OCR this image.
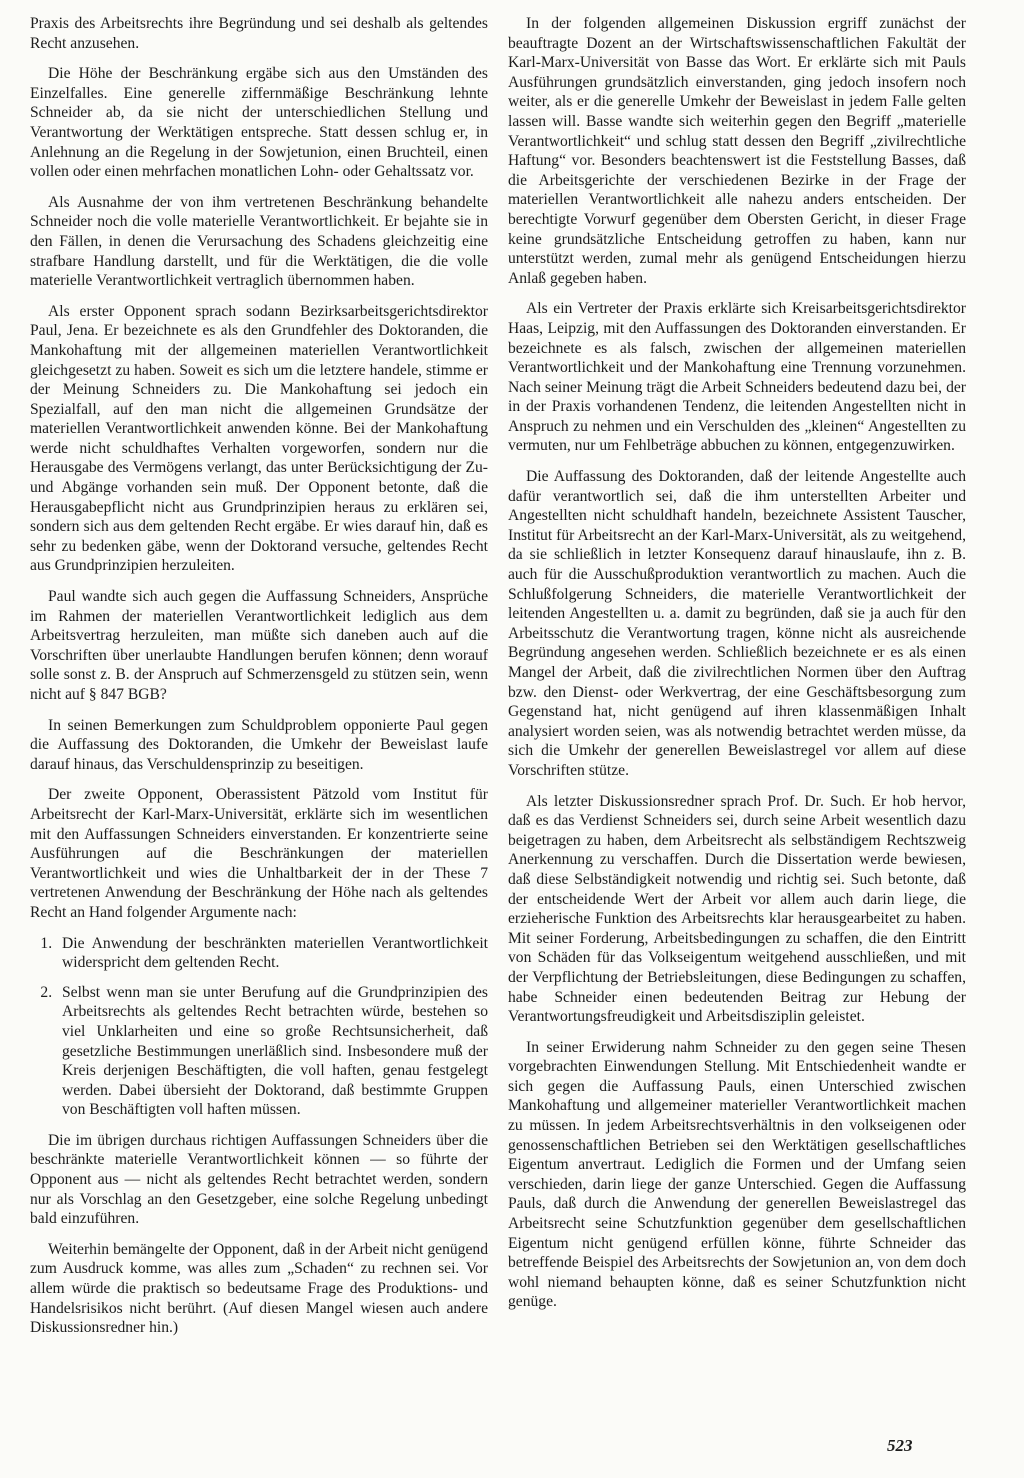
Praxis des Arbeitsrechts ihre Begründung und sei deshalb als geltendes Recht anzusehen.

Die Höhe der Beschränkung ergäbe sich aus den Umständen des Einzelfalles. Eine generelle ziffernmäßige Beschränkung lehnte Schneider ab, da sie nicht der unterschiedlichen Stellung und Verantwortung der Werktätigen entspreche. Statt dessen schlug er, in Anlehnung an die Regelung in der Sowjetunion, einen Bruchteil, einen vollen oder einen mehrfachen monatlichen Lohn- oder Gehaltssatz vor.

Als Ausnahme der von ihm vertretenen Beschränkung behandelte Schneider noch die volle materielle Verantwortlichkeit. Er bejahte sie in den Fällen, in denen die Verursachung des Schadens gleichzeitig eine strafbare Handlung darstellt, und für die Werktätigen, die die volle materielle Verantwortlichkeit vertraglich übernommen haben.

Als erster Opponent sprach sodann Bezirksarbeitsgerichtsdirektor Paul, Jena. Er bezeichnete es als den Grundfehler des Doktoranden, die Mankohaftung mit der allgemeinen materiellen Verantwortlichkeit gleichgesetzt zu haben. Soweit es sich um die letztere handele, stimme er der Meinung Schneiders zu. Die Mankohaftung sei jedoch ein Spezialfall, auf den man nicht die allgemeinen Grundsätze der materiellen Verantwortlichkeit anwenden könne. Bei der Mankohaftung werde nicht schuldhaftes Verhalten vorgeworfen, sondern nur die Herausgabe des Vermögens verlangt, das unter Berücksichtigung der Zu- und Abgänge vorhanden sein muß. Der Opponent betonte, daß die Herausgabepflicht nicht aus Grundprinzipien heraus zu erklären sei, sondern sich aus dem geltenden Recht ergäbe. Er wies darauf hin, daß es sehr zu bedenken gäbe, wenn der Doktorand versuche, geltendes Recht aus Grundprinzipien herzuleiten.

Paul wandte sich auch gegen die Auffassung Schneiders, Ansprüche im Rahmen der materiellen Verantwortlichkeit lediglich aus dem Arbeitsvertrag herzuleiten, man müßte sich daneben auch auf die Vorschriften über unerlaubte Handlungen berufen können; denn worauf solle sonst z. B. der Anspruch auf Schmerzensgeld zu stützen sein, wenn nicht auf § 847 BGB?

In seinen Bemerkungen zum Schuldproblem opponierte Paul gegen die Auffassung des Doktoranden, die Umkehr der Beweislast laufe darauf hinaus, das Verschuldensprinzip zu beseitigen.

Der zweite Opponent, Oberassistent Pätzold vom Institut für Arbeitsrecht der Karl-Marx-Universität, erklärte sich im wesentlichen mit den Auffassungen Schneiders einverstanden. Er konzentrierte seine Ausführungen auf die Beschränkungen der materiellen Verantwortlichkeit und wies die Unhaltbarkeit der in der These 7 vertretenen Anwendung der Beschränkung der Höhe nach als geltendes Recht an Hand folgender Argumente nach:

1. Die Anwendung der beschränkten materiellen Verantwortlichkeit widerspricht dem geltenden Recht.
2. Selbst wenn man sie unter Berufung auf die Grundprinzipien des Arbeitsrechts als geltendes Recht betrachten würde, bestehen so viel Unklarheiten und eine so große Rechtsunsicherheit, daß gesetzliche Bestimmungen unerläßlich sind. Insbesondere muß der Kreis derjenigen Beschäftigten, die voll haften, genau festgelegt werden. Dabei übersieht der Doktorand, daß bestimmte Gruppen von Beschäftigten voll haften müssen.

Die im übrigen durchaus richtigen Auffassungen Schneiders über die beschränkte materielle Verantwortlichkeit können — so führte der Opponent aus — nicht als geltendes Recht betrachtet werden, sondern nur als Vorschlag an den Gesetzgeber, eine solche Regelung unbedingt bald einzuführen.

Weiterhin bemängelte der Opponent, daß in der Arbeit nicht genügend zum Ausdruck komme, was alles zum „Schaden“ zu rechnen sei. Vor allem würde die praktisch so bedeutsame Frage des Produktions- und Handelsrisikos nicht berührt. (Auf diesen Mangel wiesen auch andere Diskussionsredner hin.)

In der folgenden allgemeinen Diskussion ergriff zunächst der beauftragte Dozent an der Wirtschaftswissenschaftlichen Fakultät der Karl-Marx-Universität von Basse das Wort. Er erklärte sich mit Pauls Ausführungen grundsätzlich einverstanden, ging jedoch insofern noch weiter, als er die generelle Umkehr der Beweislast in jedem Falle gelten lassen will. Basse wandte sich weiterhin gegen den Begriff „materielle Verantwortlichkeit“ und schlug statt dessen den Begriff „zivilrechtliche Haftung“ vor. Besonders beachtenswert ist die Feststellung Basses, daß die Arbeitsgerichte der verschiedenen Bezirke in der Frage der materiellen Verantwortlichkeit alle nahezu anders entscheiden. Der berechtigte Vorwurf gegenüber dem Obersten Gericht, in dieser Frage keine grundsätzliche Entscheidung getroffen zu haben, kann nur unterstützt werden, zumal mehr als genügend Entscheidungen hierzu Anlaß gegeben haben.

Als ein Vertreter der Praxis erklärte sich Kreisarbeitsgerichtsdirektor Haas, Leipzig, mit den Auffassungen des Doktoranden einverstanden. Er bezeichnete es als falsch, zwischen der allgemeinen materiellen Verantwortlichkeit und der Mankohaftung eine Trennung vorzunehmen. Nach seiner Meinung trägt die Arbeit Schneiders bedeutend dazu bei, der in der Praxis vorhandenen Tendenz, die leitenden Angestellten nicht in Anspruch zu nehmen und ein Verschulden des „kleinen“ Angestellten zu vermuten, nur um Fehlbeträge abbuchen zu können, entgegenzuwirken.

Die Auffassung des Doktoranden, daß der leitende Angestellte auch dafür verantwortlich sei, daß die ihm unterstellten Arbeiter und Angestellten nicht schuldhaft handeln, bezeichnete Assistent Tauscher, Institut für Arbeitsrecht an der Karl-Marx-Universität, als zu weitgehend, da sie schließlich in letzter Konsequenz darauf hinauslaufe, ihn z. B. auch für die Ausschußproduktion verantwortlich zu machen. Auch die Schlußfolgerung Schneiders, die materielle Verantwortlichkeit der leitenden Angestellten u. a. damit zu begründen, daß sie ja auch für den Arbeitsschutz die Verantwortung tragen, könne nicht als ausreichende Begründung angesehen werden. Schließlich bezeichnete er es als einen Mangel der Arbeit, daß die zivilrechtlichen Normen über den Auftrag bzw. den Dienst- oder Werkvertrag, der eine Geschäftsbesorgung zum Gegenstand hat, nicht genügend auf ihren klassenmäßigen Inhalt analysiert worden seien, was als notwendig betrachtet werden müsse, da sich die Umkehr der generellen Beweislastregel vor allem auf diese Vorschriften stütze.

Als letzter Diskussionsredner sprach Prof. Dr. Such. Er hob hervor, daß es das Verdienst Schneiders sei, durch seine Arbeit wesentlich dazu beigetragen zu haben, dem Arbeitsrecht als selbständigem Rechtszweig Anerkennung zu verschaffen. Durch die Dissertation werde bewiesen, daß diese Selbständigkeit notwendig und richtig sei. Such betonte, daß der entscheidende Wert der Arbeit vor allem auch darin liege, die erzieherische Funktion des Arbeitsrechts klar herausgearbeitet zu haben. Mit seiner Forderung, Arbeitsbedingungen zu schaffen, die den Eintritt von Schäden für das Volkseigentum weitgehend ausschließen, und mit der Verpflichtung der Betriebsleitungen, diese Bedingungen zu schaffen, habe Schneider einen bedeutenden Beitrag zur Hebung der Verantwortungsfreudigkeit und Arbeitsdisziplin geleistet.

In seiner Erwiderung nahm Schneider zu den gegen seine Thesen vorgebrachten Einwendungen Stellung. Mit Entschiedenheit wandte er sich gegen die Auffassung Pauls, einen Unterschied zwischen Mankohaftung und allgemeiner materieller Verantwortlichkeit machen zu müssen. In jedem Arbeitsrechtsverhältnis in den volkseigenen oder genossenschaftlichen Betrieben sei den Werktätigen gesellschaftliches Eigentum anvertraut. Lediglich die Formen und der Umfang seien verschieden, darin liege der ganze Unterschied. Gegen die Auffassung Pauls, daß durch die Anwendung der generellen Beweislastregel das Arbeitsrecht seine Schutzfunktion gegenüber dem gesellschaftlichen Eigentum nicht genügend erfüllen könne, führte Schneider das betreffende Beispiel des Arbeitsrechts der Sowjetunion an, von dem doch wohl niemand behaupten könne, daß es seiner Schutzfunktion nicht genüge.

523
